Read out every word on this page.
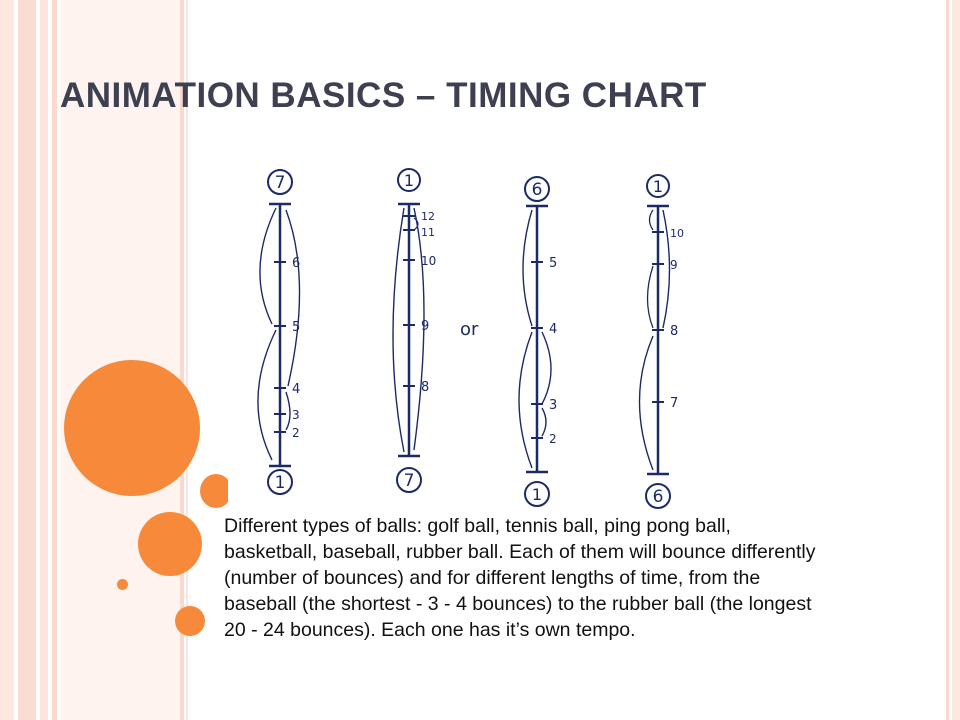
ANIMATION BASICS – TIMING CHART
7
1
6
5
4
3
2
1
7
12
11
10
9
8
or
6
1
5
4
3
2
1
6
10
9
8
7

Different types of balls: golf ball, tennis ball, ping pong ball,
basketball, baseball, rubber ball. Each of them will bounce differently
(number of bounces) and for different lengths of time, from the
baseball (the shortest - 3 - 4 bounces) to the rubber ball (the longest
20 - 24 bounces). Each one has it’s own tempo.
